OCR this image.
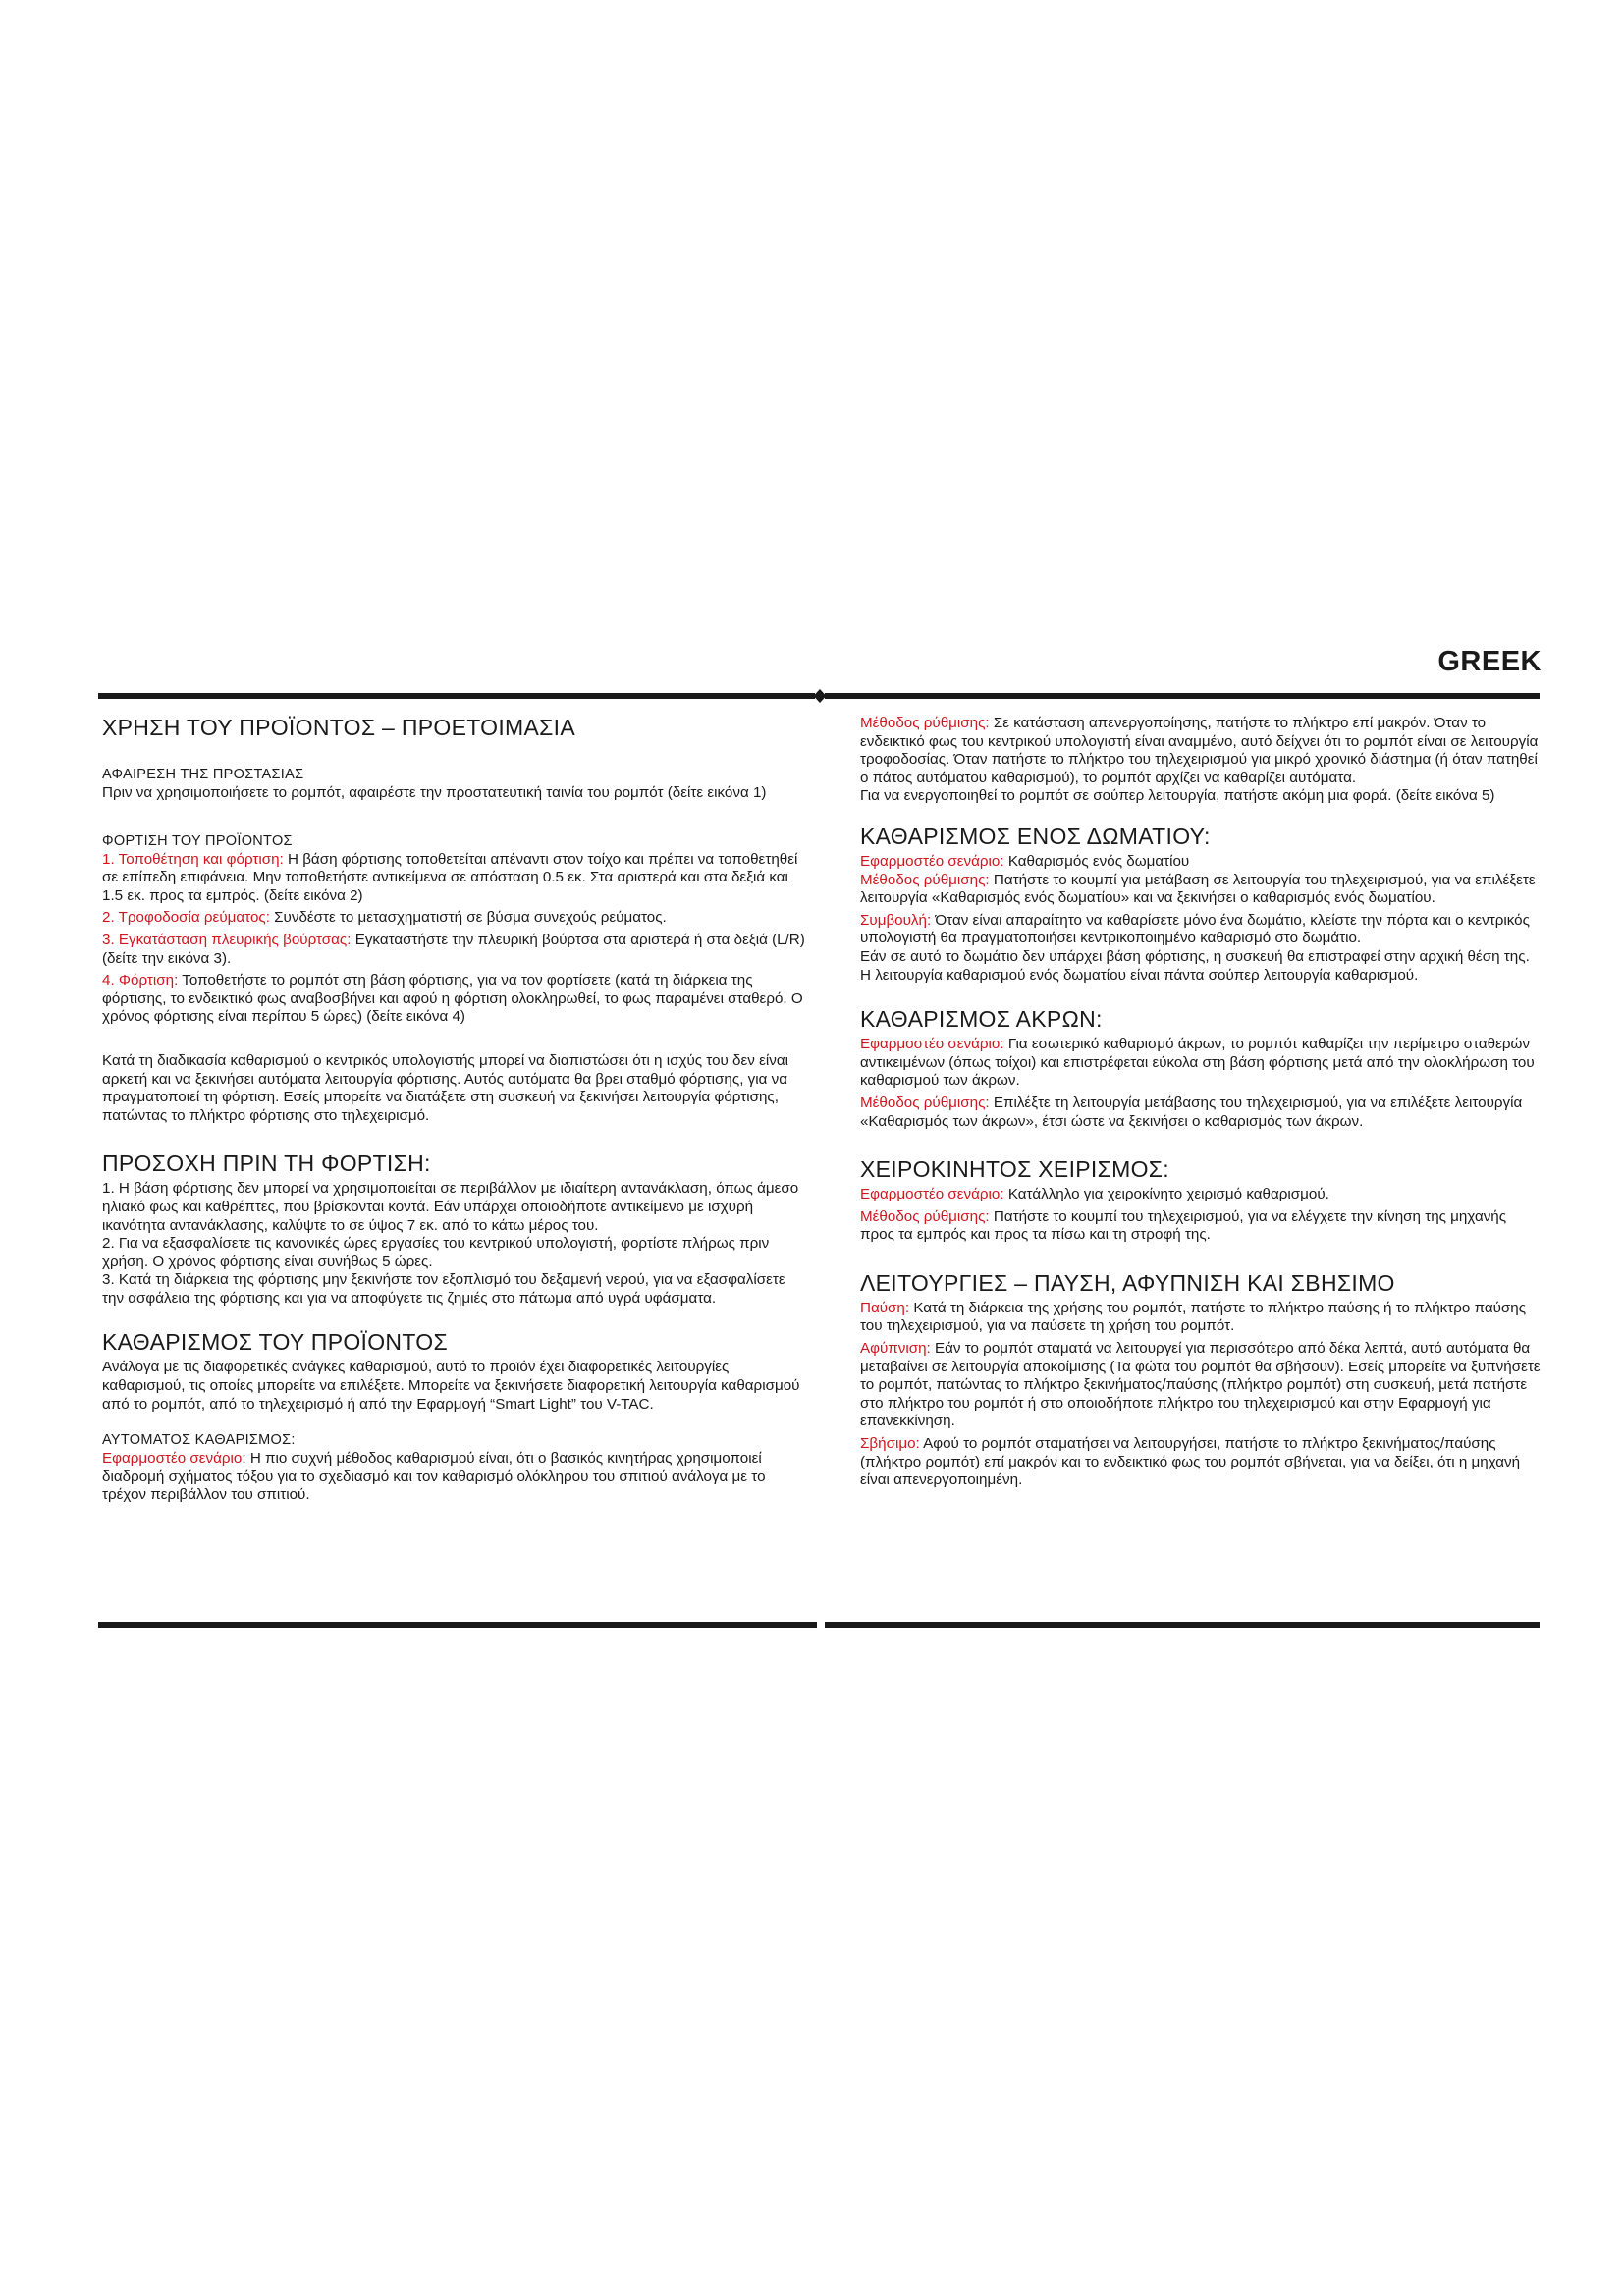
GREEK
ΧΡΗΣΗ ΤΟΥ ΠΡΟΪΟΝΤΟΣ – ΠΡΟΕΤΟΙΜΑΣΙΑ
ΑΦΑΙΡΕΣΗ ΤΗΣ ΠΡΟΣΤΑΣΙΑΣ

Πριν να χρησιμοποιήσετε το ρομπότ, αφαιρέστε την προστατευτική ταινία του ρομπότ (δείτε εικόνα 1)

ΦΟΡΤΙΣΗ ΤΟΥ ΠΡΟΪΟΝΤΟΣ

1. Τοποθέτηση και φόρτιση: Η βάση φόρτισης τοποθετείται απέναντι στον τοίχο και πρέπει να τοποθετηθεί σε επίπεδη επιφάνεια. Μην τοποθετήστε αντικείμενα σε απόσταση 0.5 εκ. Στα αριστερά και στα δεξιά και 1.5 εκ. προς τα εμπρός. (δείτε εικόνα 2)

2. Τροφοδοσία ρεύματος: Συνδέστε το μετασχηματιστή σε βύσμα συνεχούς ρεύματος.

3. Εγκατάσταση πλευρικής βούρτσας: Εγκαταστήστε την πλευρική βούρτσα στα αριστερά ή στα δεξιά (L/R) (δείτε την εικόνα 3).

4. Φόρτιση: Τοποθετήστε το ρομπότ στη βάση φόρτισης, για να τον φορτίσετε (κατά τη διάρκεια της φόρτισης, το ενδεικτικό φως αναβοσβήνει και αφού η φόρτιση ολοκληρωθεί, το φως παραμένει σταθερό. Ο χρόνος φόρτισης είναι περίπου 5 ώρες) (δείτε εικόνα 4)

Κατά τη διαδικασία καθαρισμού ο κεντρικός υπολογιστής μπορεί να διαπιστώσει ότι η ισχύς του δεν είναι αρκετή και να ξεκινήσει αυτόματα λειτουργία φόρτισης. Αυτός αυτόματα θα βρει σταθμό φόρτισης, για να πραγματοποιεί τη φόρτιση. Εσείς μπορείτε να διατάξετε στη συσκευή να ξεκινήσει λειτουργία φόρτισης, πατώντας το πλήκτρο φόρτισης στο τηλεχειρισμό.

ΠΡΟΣΟΧΗ ΠΡΙΝ ΤΗ ΦΟΡΤΙΣΗ:
1. Η βάση φόρτισης δεν μπορεί να χρησιμοποιείται σε περιβάλλον με ιδιαίτερη αντανάκλαση, όπως άμεσο ηλιακό φως και καθρέπτες, που βρίσκονται κοντά. Εάν υπάρχει οποιοδήποτε αντικείμενο με ισχυρή ικανότητα αντανάκλασης, καλύψτε το σε ύψος 7 εκ. από το κάτω μέρος του.
2. Για να εξασφαλίσετε τις κανονικές ώρες εργασίες του κεντρικού υπολογιστή, φορτίστε πλήρως πριν χρήση. Ο χρόνος φόρτισης είναι συνήθως 5 ώρες.
3. Κατά τη διάρκεια της φόρτισης μην ξεκινήστε τον εξοπλισμό του δεξαμενή νερού, για να εξασφαλίσετε την ασφάλεια της φόρτισης και για να αποφύγετε τις ζημιές στο πάτωμα από υγρά υφάσματα.
ΚΑΘΑΡΙΣΜΟΣ ΤΟΥ ΠΡΟΪΟΝΤΟΣ

Ανάλογα με τις διαφορετικές ανάγκες καθαρισμού, αυτό το προϊόν έχει διαφορετικές λειτουργίες καθαρισμού, τις οποίες μπορείτε να επιλέξετε. Μπορείτε να ξεκινήσετε διαφορετική λειτουργία καθαρισμού από το ρομπότ, από το τηλεχειρισμό ή από την Εφαρμογή “Smart Light” του V-TAC.

ΑΥΤΟΜΑΤΟΣ ΚΑΘΑΡΙΣΜΟΣ:

Εφαρμοστέο σενάριο: Η πιο συχνή μέθοδος καθαρισμού είναι, ότι ο βασικός κινητήρας χρησιμοποιεί διαδρομή σχήματος τόξου για το σχεδιασμό και τον καθαρισμό ολόκληρου του σπιτιού ανάλογα με το τρέχον περιβάλλον του σπιτιού.

Μέθοδος ρύθμισης: Σε κατάσταση απενεργοποίησης, πατήστε το πλήκτρο επί μακρόν. Όταν το ενδεικτικό φως του κεντρικού υπολογιστή είναι αναμμένο, αυτό δείχνει ότι το ρομπότ είναι σε λειτουργία τροφοδοσίας. Όταν πατήστε το πλήκτρο του τηλεχειρισμού για μικρό χρονικό διάστημα (ή όταν πατηθεί ο πάτος αυτόματου καθαρισμού), το ρομπότ αρχίζει να καθαρίζει αυτόματα.

Για να ενεργοποιηθεί το ρομπότ σε σούπερ λειτουργία, πατήστε ακόμη μια φορά. (δείτε εικόνα 5)

ΚΑΘΑΡΙΣΜΟΣ ΕΝΟΣ ΔΩΜΑΤΙΟΥ:
Εφαρμοστέο σενάριο: Καθαρισμός ενός δωματίου

Μέθοδος ρύθμισης: Πατήστε το κουμπί για μετάβαση σε λειτουργία του τηλεχειρισμού, για να επιλέξετε λειτουργία «Καθαρισμός ενός δωματίου» και να ξεκινήσει ο καθαρισμός ενός δωματίου.

Συμβουλή: Όταν είναι απαραίτητο να καθαρίσετε μόνο ένα δωμάτιο, κλείστε την πόρτα και ο κεντρικός υπολογιστή θα πραγματοποιήσει κεντρικοποιημένο καθαρισμό στο δωμάτιο.
Εάν σε αυτό το δωμάτιο δεν υπάρχει βάση φόρτισης, η συσκευή θα επιστραφεί στην αρχική θέση της.
Η λειτουργία καθαρισμού ενός δωματίου είναι πάντα σούπερ λειτουργία καθαρισμού.
ΚΑΘΑΡΙΣΜΟΣ ΑΚΡΩΝ:

Εφαρμοστέο σενάριο: Για εσωτερικό καθαρισμό άκρων, το ρομπότ καθαρίζει την περίμετρο σταθερών αντικειμένων (όπως τοίχοι) και επιστρέφεται εύκολα στη βάση φόρτισης μετά από την ολοκλήρωση του καθαρισμού των άκρων.

Μέθοδος ρύθμισης: Επιλέξτε τη λειτουργία μετάβασης του τηλεχειρισμού, για να επιλέξετε λειτουργία «Καθαρισμός των άκρων», έτσι ώστε να ξεκινήσει ο καθαρισμός των άκρων.

ΧΕΙΡΟΚΙΝΗΤΟΣ ΧΕΙΡΙΣΜΟΣ:

Εφαρμοστέο σενάριο: Κατάλληλο για χειροκίνητο χειρισμό καθαρισμού.

Μέθοδος ρύθμισης: Πατήστε το κουμπί του τηλεχειρισμού, για να ελέγχετε την κίνηση της μηχανής προς τα εμπρός και προς τα πίσω και τη στροφή της.

ΛΕΙΤΟΥΡΓΙΕΣ – ΠΑΥΣΗ, ΑΦΥΠΝΙΣΗ ΚΑΙ ΣΒΗΣΙΜΟ

Παύση: Κατά τη διάρκεια της χρήσης του ρομπότ, πατήστε το πλήκτρο παύσης ή το πλήκτρο παύσης του τηλεχειρισμού, για να παύσετε τη χρήση του ρομπότ.

Αφύπνιση: Εάν το ρομπότ σταματά να λειτουργεί για περισσότερο από δέκα λεπτά, αυτό αυτόματα θα μεταβαίνει σε λειτουργία αποκοίμισης (Τα φώτα του ρομπότ θα σβήσουν). Εσείς μπορείτε να ξυπνήσετε το ρομπότ, πατώντας το πλήκτρο ξεκινήματος/παύσης (πλήκτρο ρομπότ) στη συσκευή, μετά πατήστε στο πλήκτρο του ρομπότ ή στο οποιοδήποτε πλήκτρο του τηλεχειρισμού και στην Εφαρμογή για επανεκκίνηση.

Σβήσιμο: Αφού το ρομπότ σταματήσει να λειτουργήσει, πατήστε το πλήκτρο ξεκινήματος/παύσης (πλήκτρο ρομπότ) επί μακρόν και το ενδεικτικό φως του ρομπότ σβήνεται, για να δείξει, ότι η μηχανή είναι απενεργοποιημένη.
